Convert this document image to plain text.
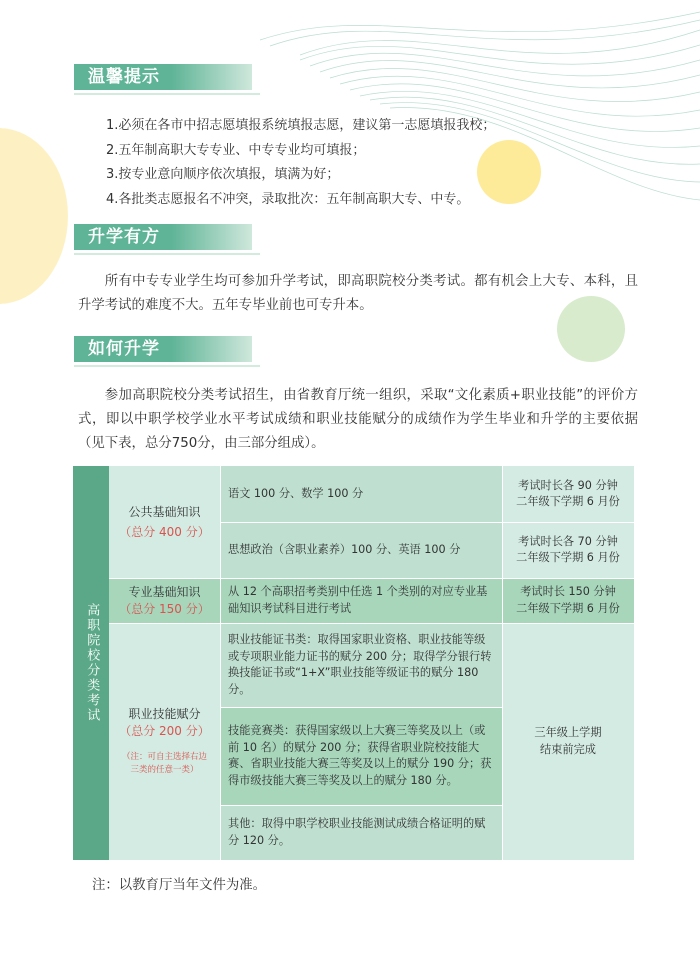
温馨提示
1.必须在各市中招志愿填报系统填报志愿，建议第一志愿填报我校；
2.五年制高职大专专业、中专专业均可填报；
3.按专业意向顺序依次填报，填满为好；
4.各批类志愿报名不冲突，录取批次：五年制高职大专、中专。
升学有方

所有中专专业学生均可参加升学考试，即高职院校分类考试。都有机会上大专、本科，且升学考试的难度不大。五年专毕业前也可专升本。

如何升学

参加高职院校分类考试招生，由省教育厅统一组织，采取“文化素质+职业技能”的评价方式，即以中职学校学业水平考试成绩和职业技能赋分的成绩作为学生毕业和升学的主要依据（见下表，总分750分，由三部分组成）。

高职院校分类考试
公共基础知识
（总分 400 分）
语文 100 分、数学 100 分
思想政治（含职业素养）100 分、英语 100 分
考试时长各 90 分钟
二年级下学期 6 月份
考试时长各 70 分钟
二年级下学期 6 月份
专业基础知识
（总分 150 分）
从 12 个高职招考类别中任选 1 个类别的对应专业基础知识考试科目进行考试
考试时长 150 分钟
二年级下学期 6 月份
职业技能赋分
（总分 200 分）
（注：可自主选择右边
三类的任意一类）
职业技能证书类：取得国家职业资格、职业技能等级或专项职业能力证书的赋分 200 分；取得学分银行转换技能证书或“1+X”职业技能等级证书的赋分 180 分。
技能竞赛类：获得国家级以上大赛三等奖及以上（或前 10 名）的赋分 200 分；获得省职业院校技能大赛、省职业技能大赛三等奖及以上的赋分 190 分；获得市级技能大赛三等奖及以上的赋分 180 分。
其他：取得中职学校职业技能测试成绩合格证明的赋分 120 分。
三年级上学期
结束前完成
注：以教育厅当年文件为准。
